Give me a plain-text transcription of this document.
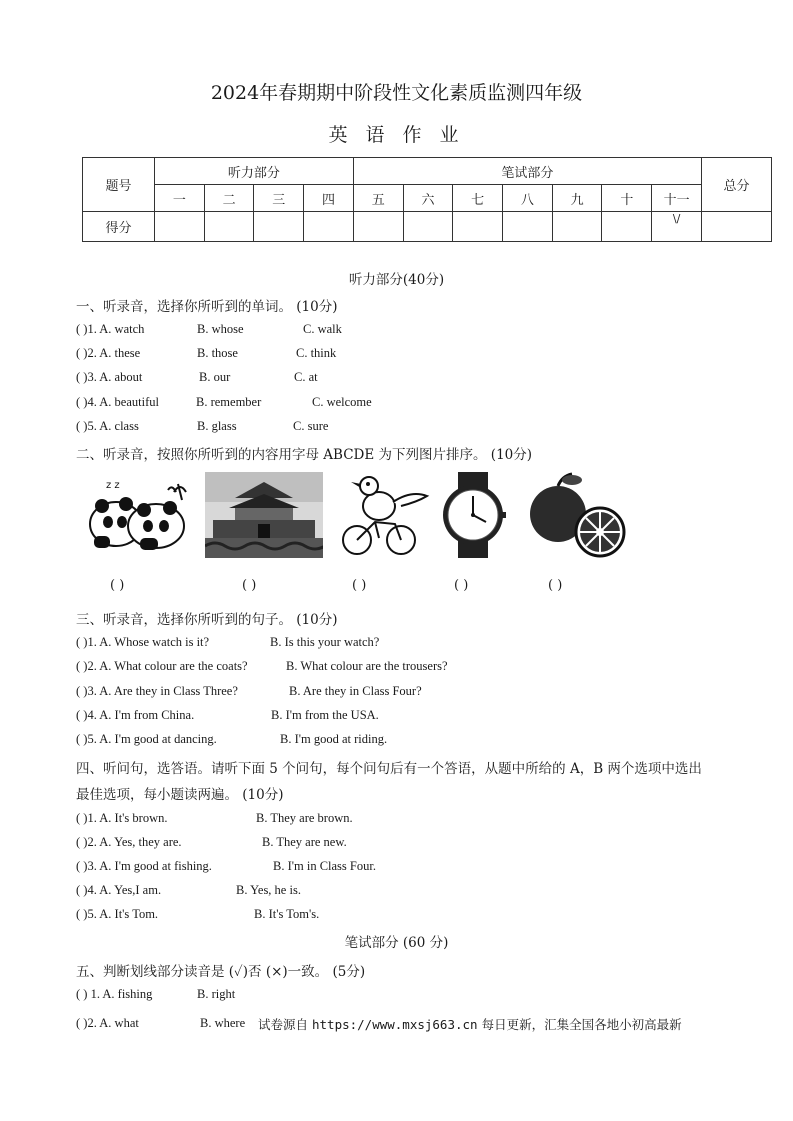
2024年春期期中阶段性文化素质监测四年级
英 语 作 业
题号	听力部分				笔试部分							总分
	一	二	三	四	五	六	七	八	九	十	十一	
得分											\/	
听力部分(40分)
一、听录音，选择你所听到的单词。 (10分)
( )1. A. watch	B. whose	C. walk
( )2. A. these	B. those	C. think
( )3. A. about	B. our	C. at
( )4. A. beautiful	B. remember	C. welcome
( )5. A. class	B. glass	C. sure
二、听录音，按照你所听到的内容用字母 ABCDE 为下列图片排序。 (10分)
z z
( )	( )	( )	( )	( )
三、听录音，选择你所听到的句子。 (10分)
( )1. A. Whose watch is it?	B. Is this your watch?
( )2. A. What colour are the coats?	B. What colour are the trousers?
( )3. A. Are they in Class Three?	B. Are they in Class Four?
( )4. A. I'm from China.	B. I'm from the USA.
( )5. A. I'm good at dancing.	B. I'm good at riding.
四、听问句，选答语。请听下面 5 个问句，每个问句后有一个答语，从题中所给的 A，B 两个选项中选出
最佳选项，每小题读两遍。 (10分)
( )1. A. It's brown.	B. They are brown.
( )2. A. Yes, they are.	B. They are new.
( )3. A. I'm good at fishing.	B. I'm in Class Four.
( )4. A. Yes,I am.	B. Yes, he is.
( )5. A. It's Tom.	B. It's Tom's.
笔试部分 (60 分)
五、判断划线部分读音是 (✓)否 (×)一致。 (5分)
( ) 1. A. fishing	B. right
( )2. A. what	B. where 试卷源自 https://www.mxsj663.cn 每日更新，汇集全国各地小初高最新
